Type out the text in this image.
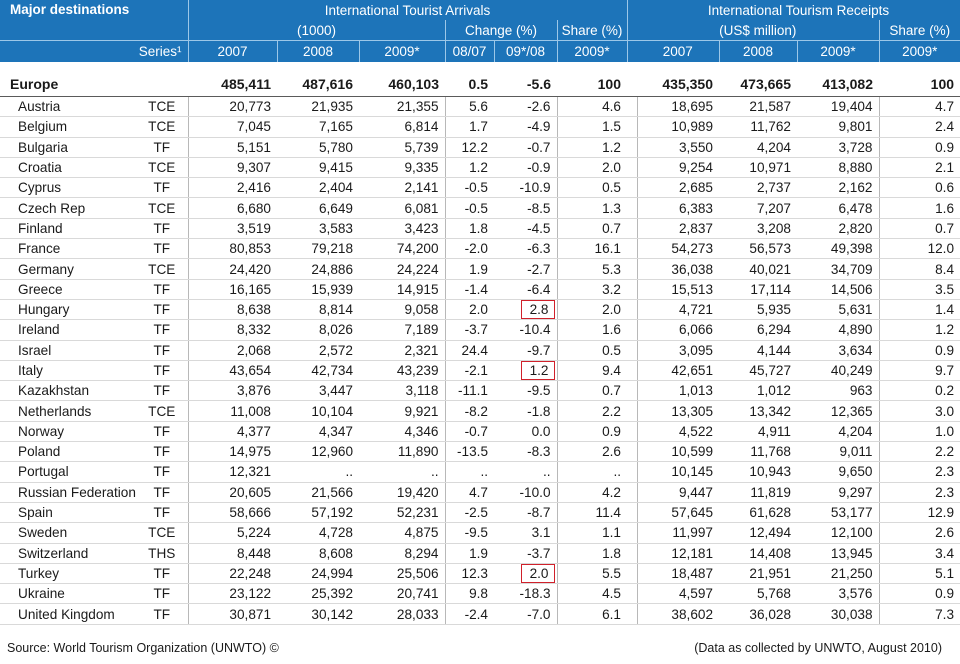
Major destinations		International Tourist Arrivals							International Tourism Receipts			
		(1000)			Change (%)		Share (%)		(US$ million)			Share (%)
	Series¹	2007	2008	2009*	08/07	09*/08	2009*		2007	2008	2009*	2009*

Europe		485,411	487,616	460,103	0.5	-5.6	100		435,350	473,665	413,082	100
Austria	TCE	20,773	21,935	21,355	5.6	-2.6	4.6		18,695	21,587	19,404	4.7
Belgium	TCE	7,045	7,165	6,814	1.7	-4.9	1.5		10,989	11,762	9,801	2.4
Bulgaria	TF	5,151	5,780	5,739	12.2	-0.7	1.2		3,550	4,204	3,728	0.9
Croatia	TCE	9,307	9,415	9,335	1.2	-0.9	2.0		9,254	10,971	8,880	2.1
Cyprus	TF	2,416	2,404	2,141	-0.5	-10.9	0.5		2,685	2,737	2,162	0.6
Czech Rep	TCE	6,680	6,649	6,081	-0.5	-8.5	1.3		6,383	7,207	6,478	1.6
Finland	TF	3,519	3,583	3,423	1.8	-4.5	0.7		2,837	3,208	2,820	0.7
France	TF	80,853	79,218	74,200	-2.0	-6.3	16.1		54,273	56,573	49,398	12.0
Germany	TCE	24,420	24,886	24,224	1.9	-2.7	5.3		36,038	40,021	34,709	8.4
Greece	TF	16,165	15,939	14,915	-1.4	-6.4	3.2		15,513	17,114	14,506	3.5
Hungary	TF	8,638	8,814	9,058	2.0	2.8	2.0		4,721	5,935	5,631	1.4
Ireland	TF	8,332	8,026	7,189	-3.7	-10.4	1.6		6,066	6,294	4,890	1.2
Israel	TF	2,068	2,572	2,321	24.4	-9.7	0.5		3,095	4,144	3,634	0.9
Italy	TF	43,654	42,734	43,239	-2.1	1.2	9.4		42,651	45,727	40,249	9.7
Kazakhstan	TF	3,876	3,447	3,118	-11.1	-9.5	0.7		1,013	1,012	963	0.2
Netherlands	TCE	11,008	10,104	9,921	-8.2	-1.8	2.2		13,305	13,342	12,365	3.0
Norway	TF	4,377	4,347	4,346	-0.7	0.0	0.9		4,522	4,911	4,204	1.0
Poland	TF	14,975	12,960	11,890	-13.5	-8.3	2.6		10,599	11,768	9,011	2.2
Portugal	TF	12,321	..	..	..	..	..		10,145	10,943	9,650	2.3
Russian Federation	TF	20,605	21,566	19,420	4.7	-10.0	4.2		9,447	11,819	9,297	2.3
Spain	TF	58,666	57,192	52,231	-2.5	-8.7	11.4		57,645	61,628	53,177	12.9
Sweden	TCE	5,224	4,728	4,875	-9.5	3.1	1.1		11,997	12,494	12,100	2.6
Switzerland	THS	8,448	8,608	8,294	1.9	-3.7	1.8		12,181	14,408	13,945	3.4
Turkey	TF	22,248	24,994	25,506	12.3	2.0	5.5		18,487	21,951	21,250	5.1
Ukraine	TF	23,122	25,392	20,741	9.8	-18.3	4.5		4,597	5,768	3,576	0.9
United Kingdom	TF	30,871	30,142	28,033	-2.4	-7.0	6.1		38,602	36,028	30,038	7.3
Source: World Tourism Organization (UNWTO) ©	(Data as collected by UNWTO, August 2010)
